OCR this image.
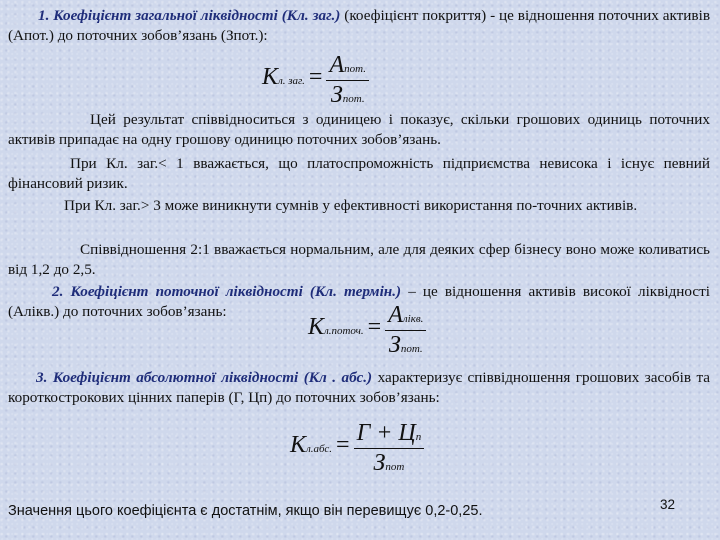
1. Коефіцієнт загальної ліквідності (Кл. заг.) (коефіцієнт покриття) - це відношення поточних активів (Апот.) до поточних зобов’язань (Зпот.):

Кл. заг. = $\frac{\text{Апот.}}{\text{Зпот.}}$

Цей результат співвідноситься з одиницею і показує, скільки грошових одиниць поточних активів припадає на одну грошову одиницю поточних зобов’язань.

При Кл. заг.< 1 вважається, що платоспроможність підприємства невисока і існує певний фінансовий ризик.

При Кл. заг.> 3 може виникнути сумнів у ефективності використання по-точних активів.

Співвідношення 2:1 вважається нормальним, але для деяких сфер бізнесу воно може коливатись від 1,2 до 2,5.

2. Коефіцієнт поточної ліквідності (Кл. термін.) – це відношення активів високої ліквідності (Алікв.) до поточних зобов’язань:

Кл.поточ. = $\frac{\text{Алікв.}}{\text{Зпот.}}$

3. Коефіцієнт абсолютної ліквідності (Кл . абс.) характеризує співвідношення грошових засобів та короткострокових цінних паперів (Г, Цп) до поточних зобов’язань:

Кл.абс. = $\frac{Г + Цп}{\text{Зпот}}$
Значення цього коефіцієнта є достатнім, якщо він перевищує 0,2-0,25.	32
